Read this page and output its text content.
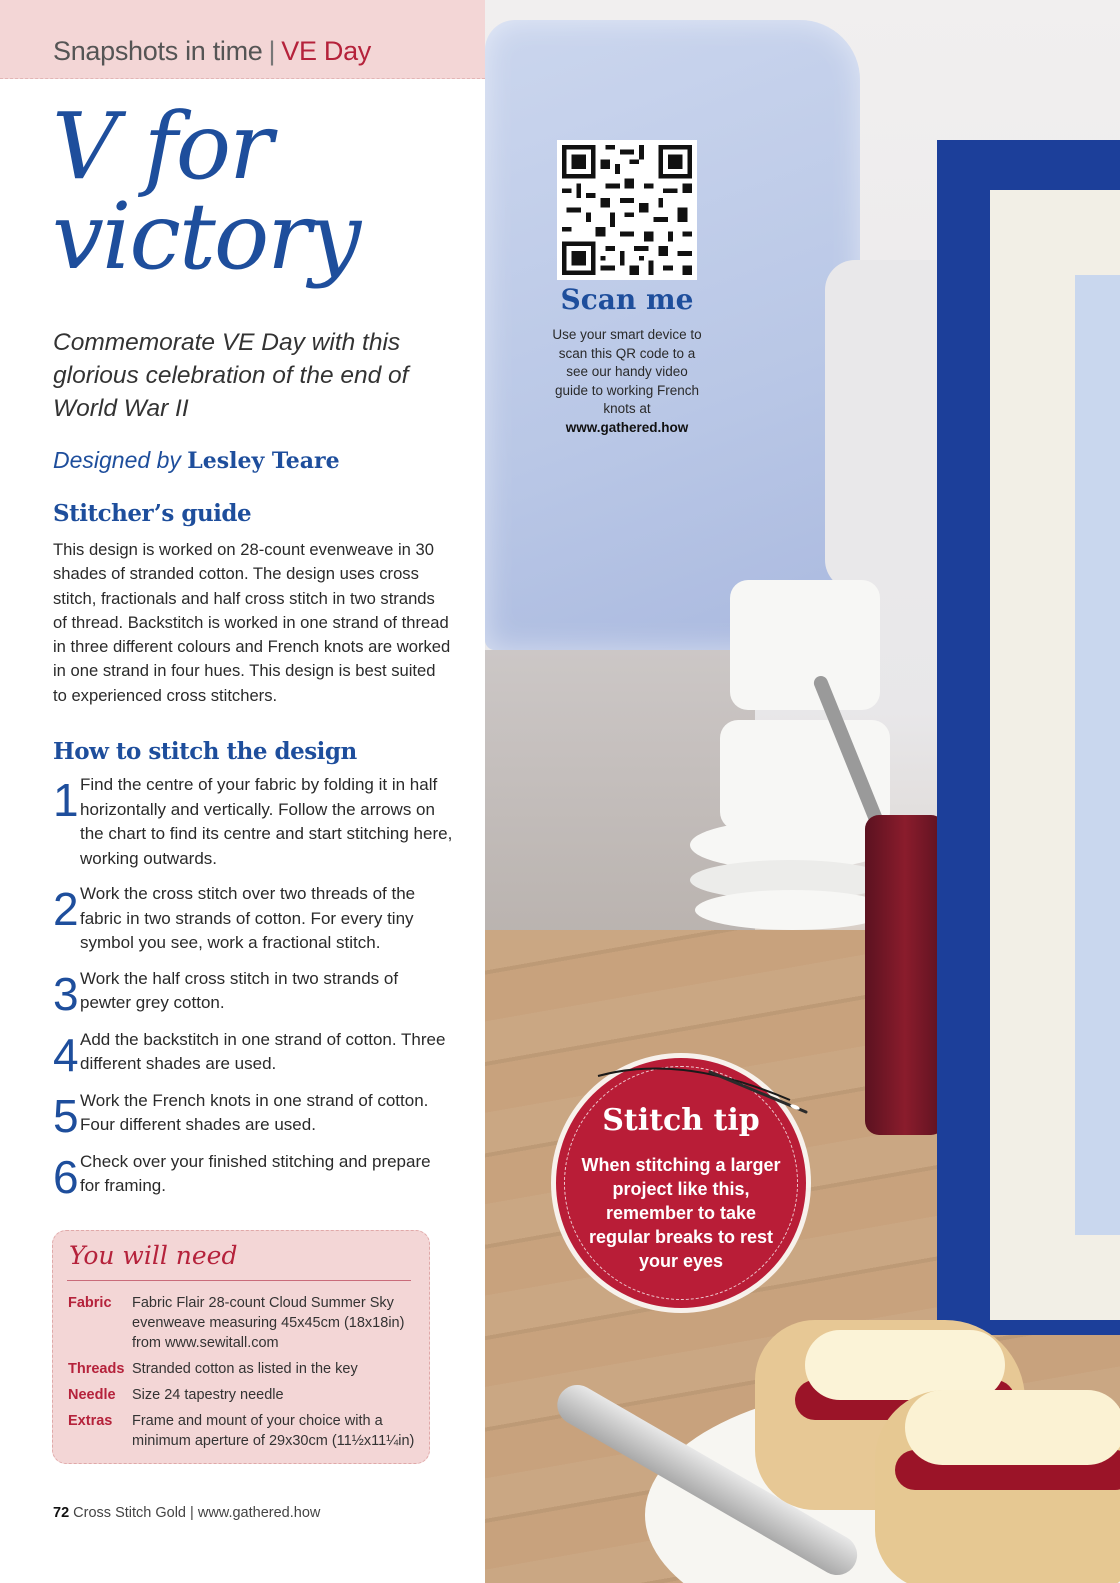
Snapshots in time | VE Day
V for
victory
Commemorate VE Day with this glorious celebration of the end of World War II
Designed by Lesley Teare
Stitcher’s guide
This design is worked on 28-count evenweave in 30 shades of stranded cotton. The design uses cross stitch, fractionals and half cross stitch in two strands of thread. Backstitch is worked in one strand of thread in three different colours and French knots are worked in one strand in four hues. This design is best suited to experienced cross stitchers.
How to stitch the design
1 Find the centre of your fabric by folding it in half horizontally and vertically. Follow the arrows on the chart to find its centre and start stitching here, working outwards.
2 Work the cross stitch over two threads of the fabric in two strands of cotton. For every tiny symbol you see, work a fractional stitch.
3 Work the half cross stitch in two strands of pewter grey cotton.
4 Add the backstitch in one strand of cotton. Three different shades are used.
5 Work the French knots in one strand of cotton. Four different shades are used.
6 Check over your finished stitching and prepare for framing.
You will need
Fabric	Fabric Flair 28-count Cloud Summer Sky evenweave measuring 45x45cm (18x18in) from www.sewitall.com
Threads Stranded cotton as listed in the key
Needle	Size 24 tapestry needle
Extras	Frame and mount of your choice with a minimum aperture of 29x30cm (11½x11¼in)
72 Cross Stitch Gold | www.gathered.how
Scan me
Use your smart device to scan this QR code to a see our handy video guide to working French knots at
www.gathered.how
Stitch tip
When stitching a larger project like this, remember to take regular breaks to rest your eyes
